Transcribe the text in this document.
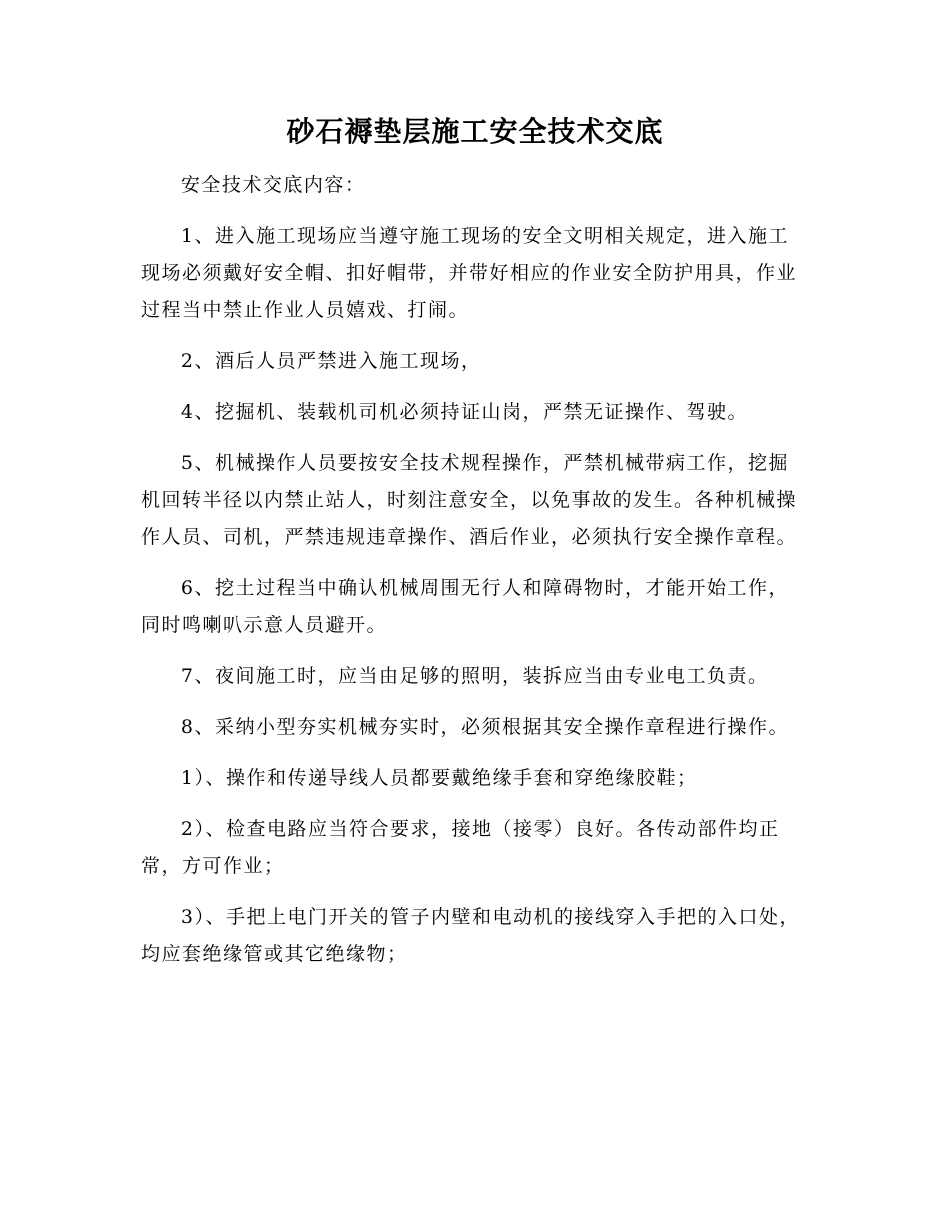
砂石褥垫层施工安全技术交底

安全技术交底内容：

1、进入施工现场应当遵守施工现场的安全文明相关规定，进入施工现场必须戴好安全帽、扣好帽带，并带好相应的作业安全防护用具，作业过程当中禁止作业人员嬉戏、打闹。

2、酒后人员严禁进入施工现场，

4、挖掘机、装载机司机必须持证山岗，严禁无证操作、驾驶。

5、机械操作人员要按安全技术规程操作，严禁机械带病工作，挖掘机回转半径以内禁止站人，时刻注意安全，以免事故的发生。各种机械操作人员、司机，严禁违规违章操作、酒后作业，必须执行安全操作章程。

6、挖土过程当中确认机械周围无行人和障碍物时，才能开始工作，同时鸣喇叭示意人员避开。

7、夜间施工时，应当由足够的照明，装拆应当由专业电工负责。

8、采纳小型夯实机械夯实时，必须根据其安全操作章程进行操作。

1）、操作和传递导线人员都要戴绝缘手套和穿绝缘胶鞋；

2）、检查电路应当符合要求，接地（接零）良好。各传动部件均正常，方可作业；

3）、手把上电门开关的管子内壁和电动机的接线穿入手把的入口处，均应套绝缘管或其它绝缘物；
